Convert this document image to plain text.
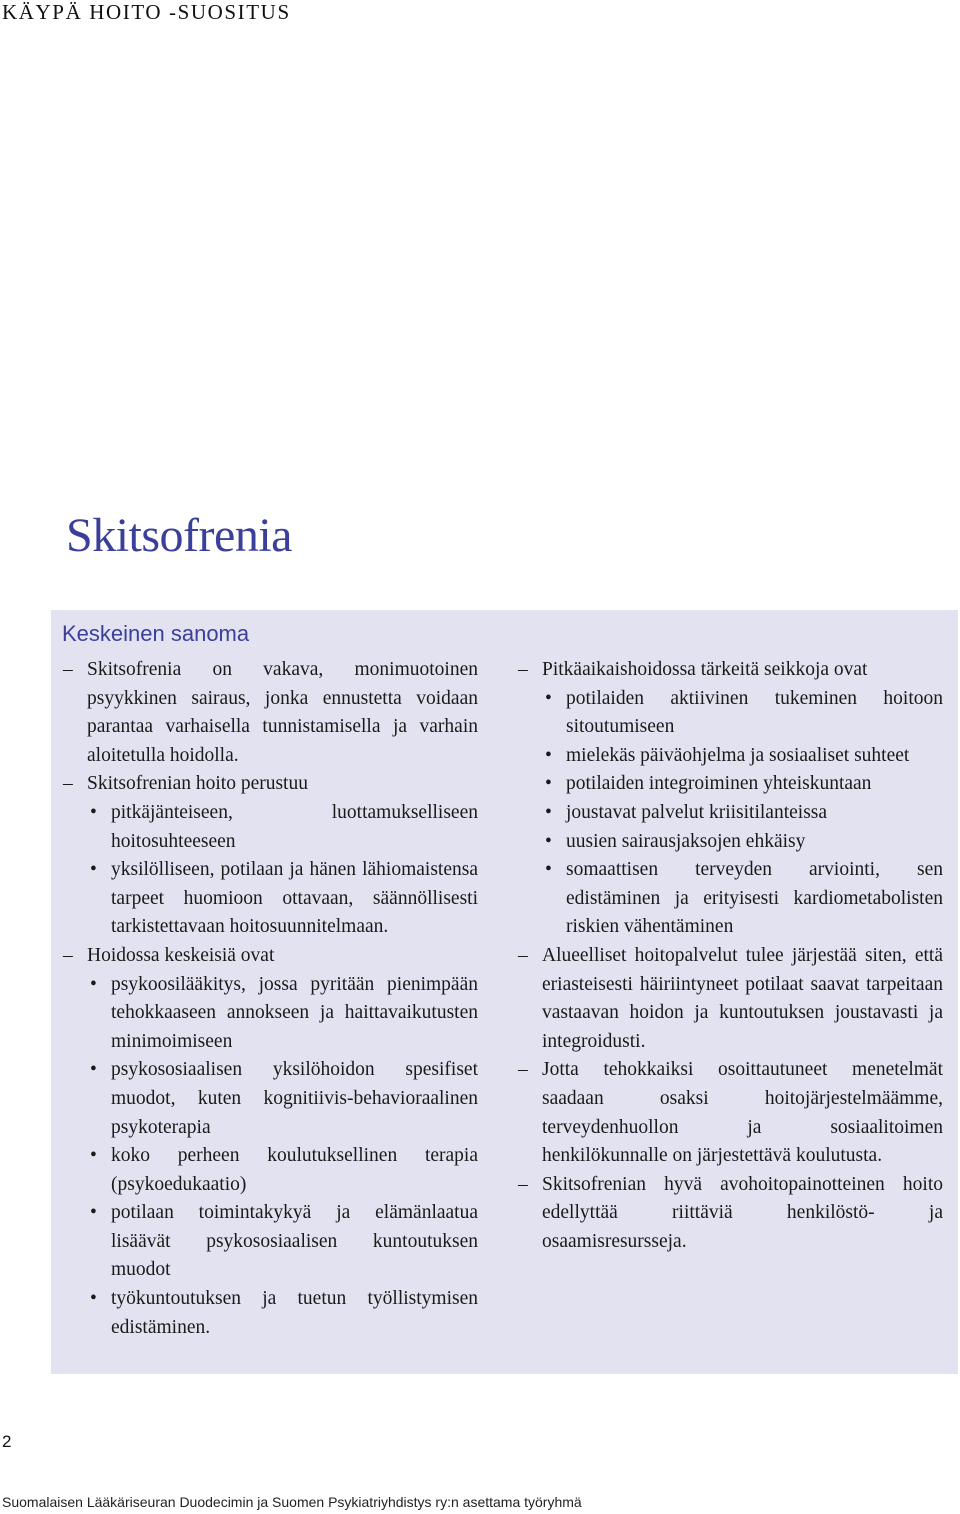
KÄYPÄ HOITO -SUOSITUS
Skitsofrenia
Keskeinen sanoma
– Skitsofrenia on vakava, monimuotoinen psyykkinen sairaus, jonka ennustetta voidaan parantaa varhaisella tunnistamisella ja varhain aloitetulla hoidolla.
– Skitsofrenian hoito perustuu
• pitkäjänteiseen, luottamukselliseen hoitosuhteeseen
• yksilölliseen, potilaan ja hänen lähiomaistensa tarpeet huomioon ottavaan, säännöllisesti tarkistettavaan hoitosuunnitelmaan.
– Hoidossa keskeisiä ovat
• psykoosilääkitys, jossa pyritään pienimpään tehokkaaseen annokseen ja haittavaikutusten minimoimiseen
• psykososiaalisen yksilöhoidon spesifiset muodot, kuten kognitiivis-behavioraalinen psykoterapia
• koko perheen koulutuksellinen terapia (psykoedukaatio)
• potilaan toimintakykyä ja elämänlaatua lisäävät psykososiaalisen kuntoutuksen muodot
• työkuntoutuksen ja tuetun työllistymisen edistäminen.
– Pitkäaikaishoidossa tärkeitä seikkoja ovat
• potilaiden aktiivinen tukeminen hoitoon sitoutumiseen
• mielekäs päiväohjelma ja sosiaaliset suhteet
• potilaiden integroiminen yhteiskuntaan
• joustavat palvelut kriisitilanteissa
• uusien sairausjaksojen ehkäisy
• somaattisen terveyden arviointi, sen edistäminen ja erityisesti kardiometabolisten riskien vähentäminen
– Alueelliset hoitopalvelut tulee järjestää siten, että eriasteisesti häiriintyneet potilaat saavat tarpeitaan vastaavan hoidon ja kuntoutuksen joustavasti ja integroidusti.
– Jotta tehokkaiksi osoittautuneet menetelmät saadaan osaksi hoitojärjestelmäämme, terveydenhuollon ja sosiaalitoimen henkilökunnalle on järjestettävä koulutusta.
– Skitsofrenian hyvä avohoitopainotteinen hoito edellyttää riittäviä henkilöstö- ja osaamisresursseja.
2
Suomalaisen Lääkäriseuran Duodecimin ja Suomen Psykiatriyhdistys ry:n asettama työryhmä
